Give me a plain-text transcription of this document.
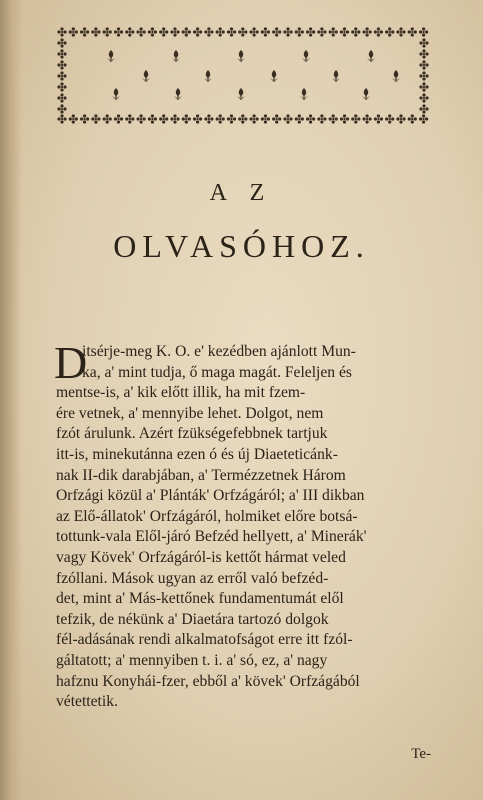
A Z
OLVASÓHOZ.
D
itsérje-meg K. O. e' kezédben ajánlott Mun-
ka, a' mint tudja, ő maga magát. Feleljen és
mentse-is, a' kik előtt illik, ha mit fzem-
ére vetnek, a' mennyibe lehet. Dolgot, nem
fzót árulunk. Azért fzükségefebbnek tartjuk
itt-is, minekutánna ezen ó és új Diaeteticánk-
nak II-dik darabjában, a' Termézzetnek Három
Orfzági közül a' Plánták' Orfzágáról; a' III dikban
az Elő-állatok' Orfzágáról, holmiket előre botsá-
tottunk-vala Elől-járó Befzéd hellyett, a' Minerák'
vagy Kövek' Orfzágáról-is kettőt hármat veled
fzóllani. Mások ugyan az erről való befzéd-
det, mint a' Más-kettőnek fundamentumát elől
tefzik, de nékünk a' Diaetára tartozó dolgok
fél-adásának rendi alkalmatofságot erre itt fzól-
gáltatott; a' mennyiben t. i. a' só, ez, a' nagy
hafznu Konyhái-fzer, ebből a' kövek' Orfzágából
vétettetik.
Te-
